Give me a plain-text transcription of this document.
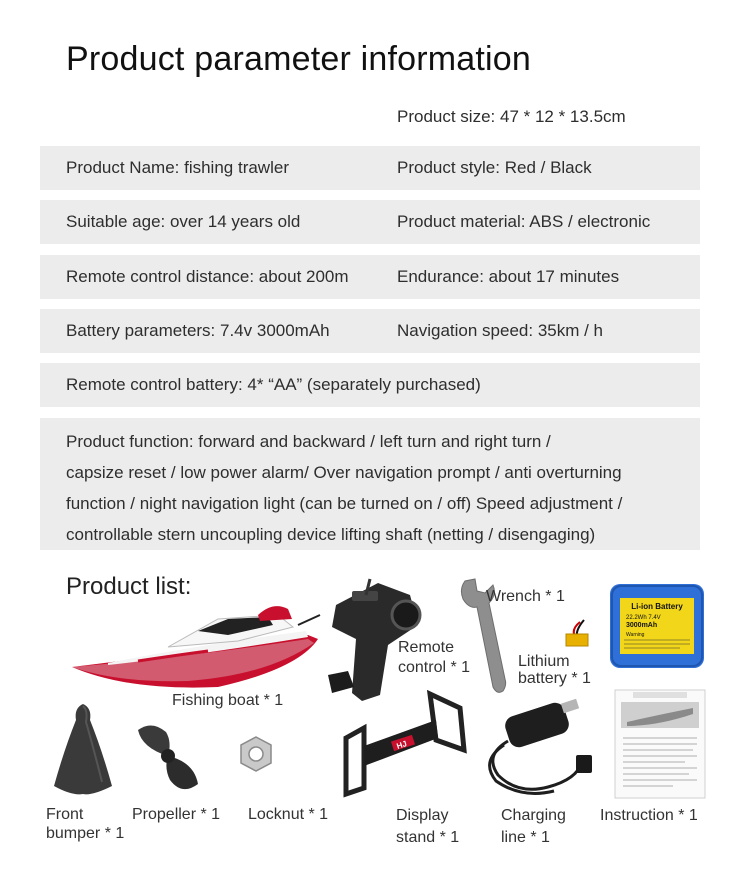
Product parameter information
Product size: 47 * 12 * 13.5cm
Product Name: fishing trawler	Product style: Red / Black
Suitable age: over 14 years old	Product material: ABS / electronic
Remote control distance: about 200m	Endurance: about 17 minutes
Battery parameters: 7.4v 3000mAh	Navigation speed: 35km / h
Remote control battery: 4* “AA” (separately purchased)
Product function: forward and backward / left turn and right turn /
capsize reset / low power alarm/ Over navigation prompt / anti overturning
function / night navigation light (can be turned on / off) Speed adjustment /
controllable stern uncoupling device lifting shaft (netting / disengaging)
Product list:
Fishing boat * 1
Remote
control * 1
Wrench * 1
Li-ion Battery
22.2Wh 7.4V
3000mAh
Warning
Lithium
battery * 1
Front
bumper * 1
Propeller * 1 Locknut * 1
HJ
Display
stand * 1
Charging
line * 1
Instruction * 1
